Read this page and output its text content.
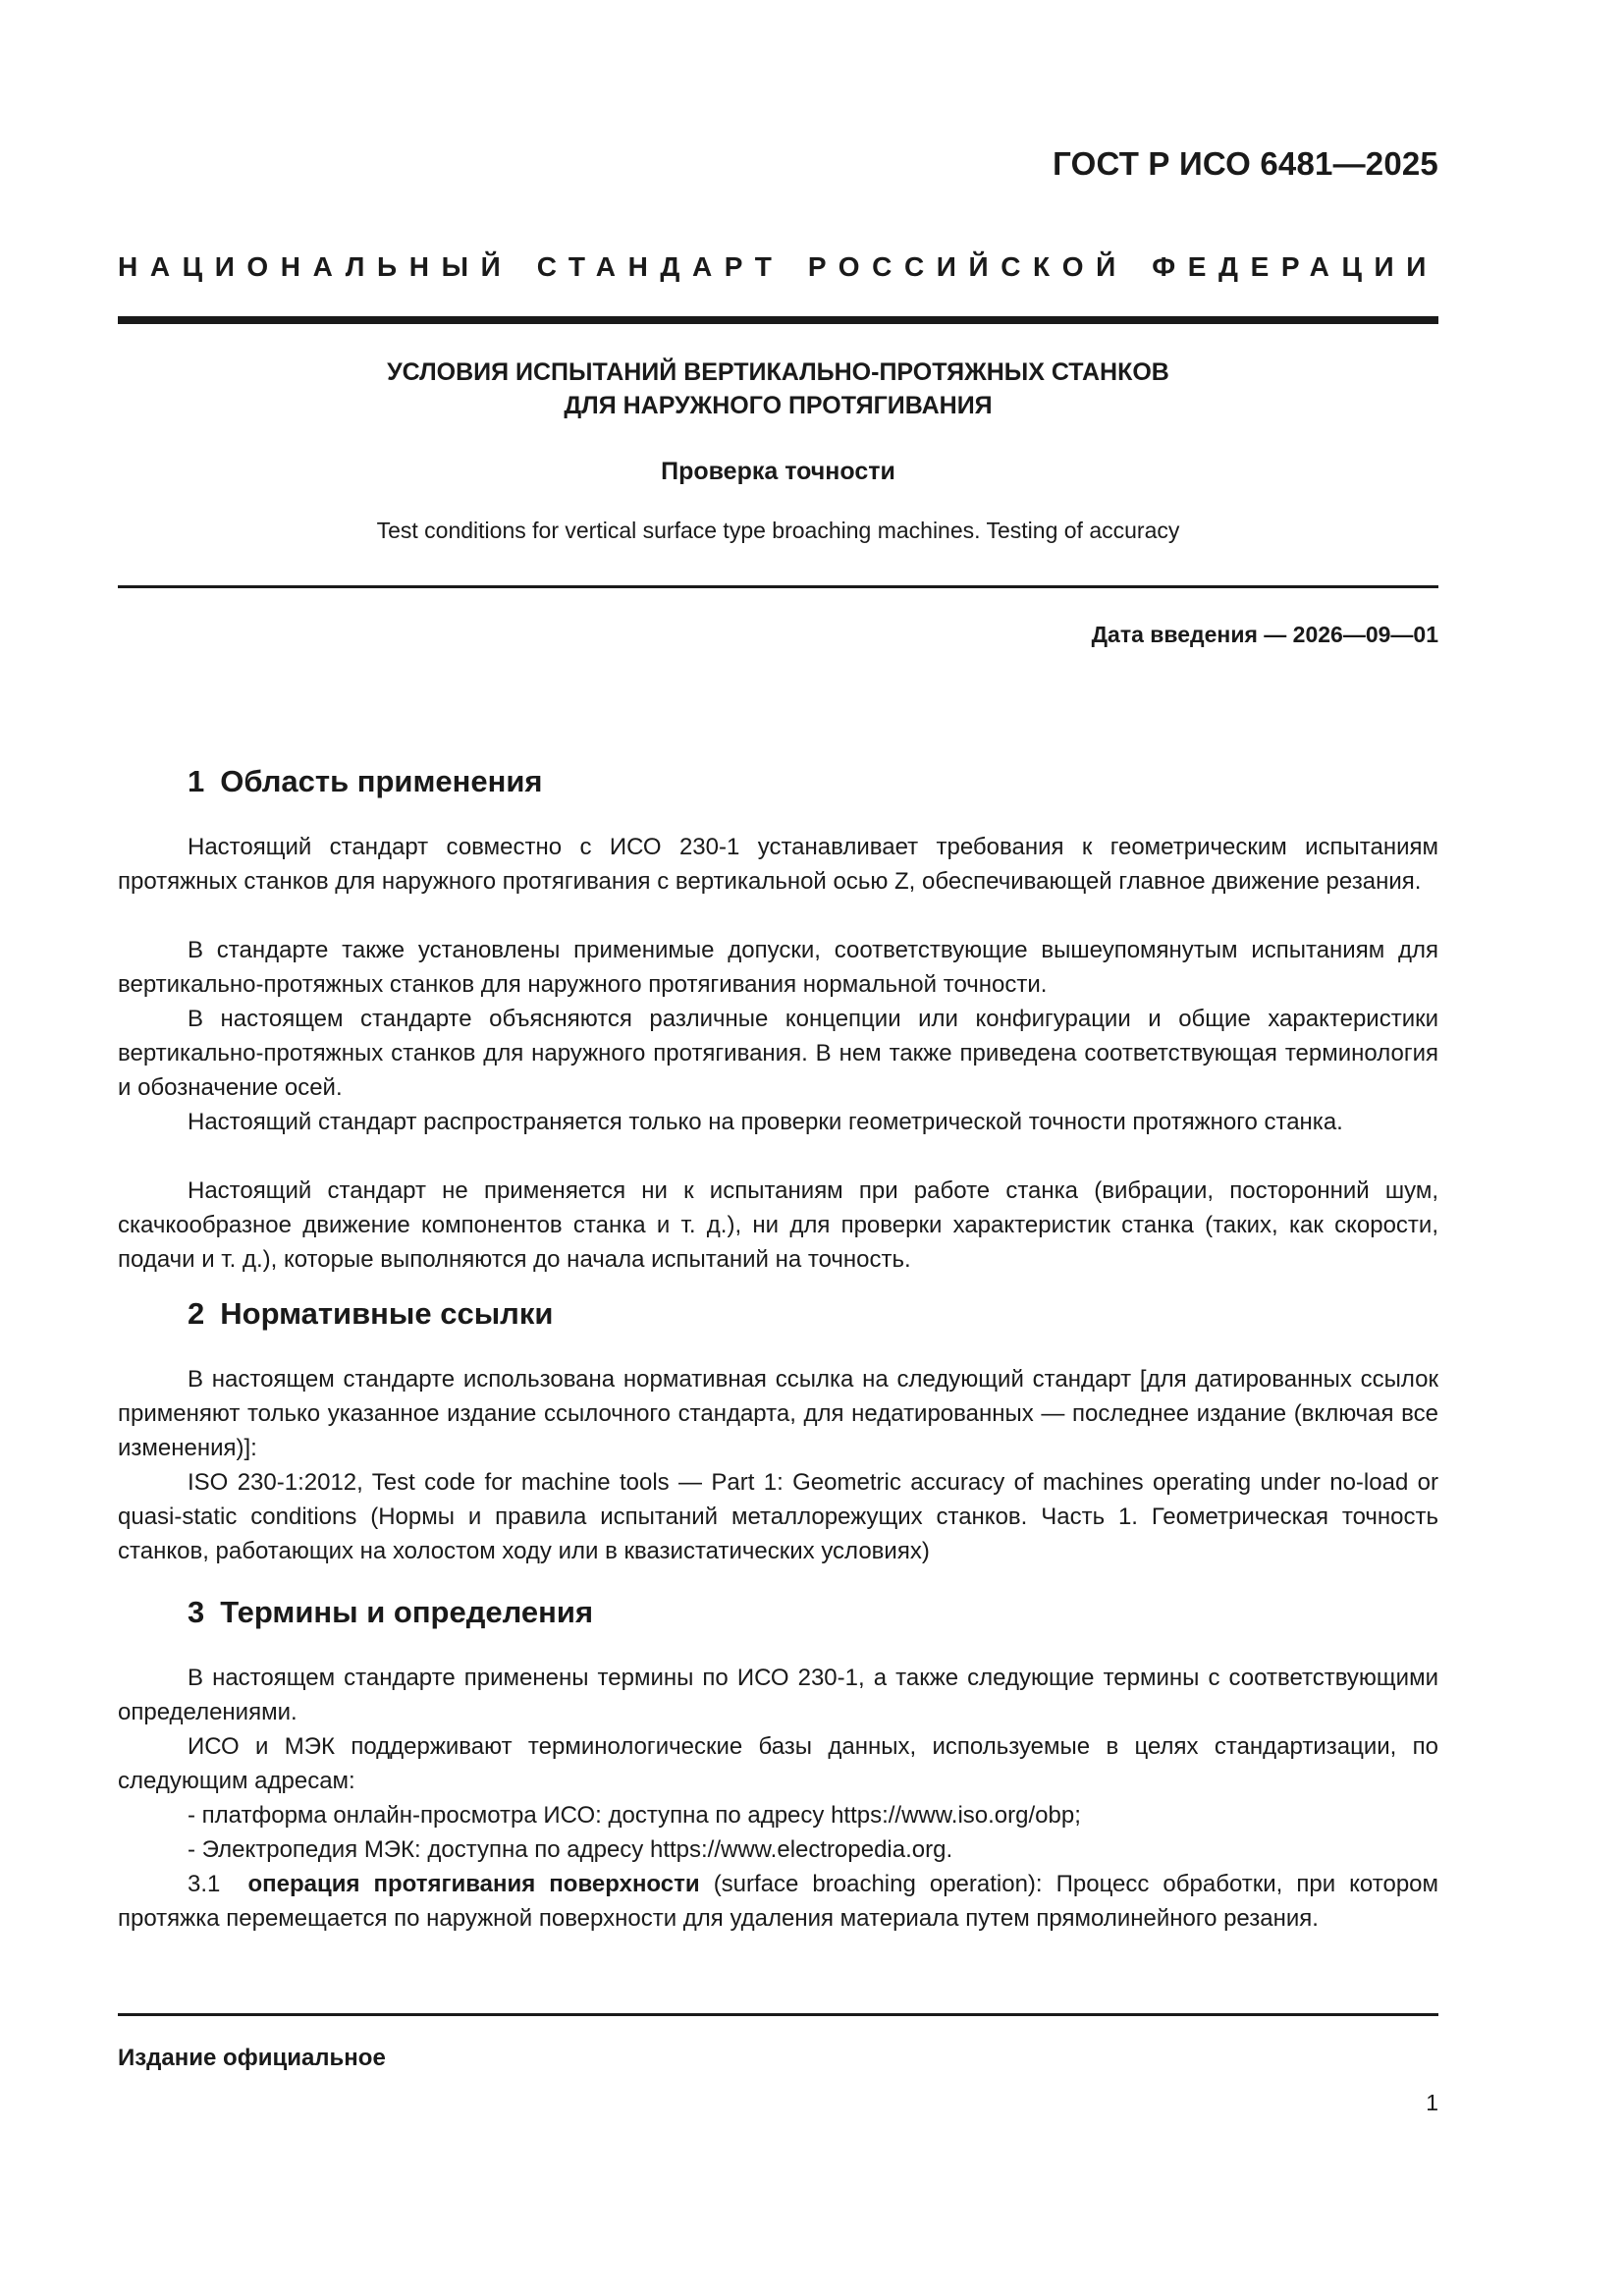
ГОСТ Р ИСО 6481—2025
НАЦИОНАЛЬНЫЙ СТАНДАРТ РОССИЙСКОЙ ФЕДЕРАЦИИ
УСЛОВИЯ ИСПЫТАНИЙ ВЕРТИКАЛЬНО-ПРОТЯЖНЫХ СТАНКОВ
ДЛЯ НАРУЖНОГО ПРОТЯГИВАНИЯ
Проверка точности
Test conditions for vertical surface type broaching machines. Testing of accuracy
Дата введения — 2026—09—01
1 Область применения
Настоящий стандарт совместно с ИСО 230-1 устанавливает требования к геометрическим испытаниям протяжных станков для наружного протягивания с вертикальной осью Z, обеспечивающей главное движение резания.
В стандарте также установлены применимые допуски, соответствующие вышеупомянутым испытаниям для вертикально-протяжных станков для наружного протягивания нормальной точности.
В настоящем стандарте объясняются различные концепции или конфигурации и общие характеристики вертикально-протяжных станков для наружного протягивания. В нем также приведена соответствующая терминология и обозначение осей.
Настоящий стандарт распространяется только на проверки геометрической точности протяжного станка.
Настоящий стандарт не применяется ни к испытаниям при работе станка (вибрации, посторонний шум, скачкообразное движение компонентов станка и т. д.), ни для проверки характеристик станка (таких, как скорости, подачи и т. д.), которые выполняются до начала испытаний на точность.
2 Нормативные ссылки
В настоящем стандарте использована нормативная ссылка на следующий стандарт [для датированных ссылок применяют только указанное издание ссылочного стандарта, для недатированных — последнее издание (включая все изменения)]:
ISO 230-1:2012, Test code for machine tools — Part 1: Geometric accuracy of machines operating under no-load or quasi-static conditions (Нормы и правила испытаний металлорежущих станков. Часть 1. Геометрическая точность станков, работающих на холостом ходу или в квазистатических условиях)
3 Термины и определения
В настоящем стандарте применены термины по ИСО 230-1, а также следующие термины с соответствующими определениями.
ИСО и МЭК поддерживают терминологические базы данных, используемые в целях стандартизации, по следующим адресам:
- платформа онлайн-просмотра ИСО: доступна по адресу https://www.iso.org/obp;
- Электропедия МЭК: доступна по адресу https://www.electropedia.org.
3.1 операция протягивания поверхности (surface broaching operation): Процесс обработки, при котором протяжка перемещается по наружной поверхности для удаления материала путем прямолинейного резания.
Издание официальное
1
